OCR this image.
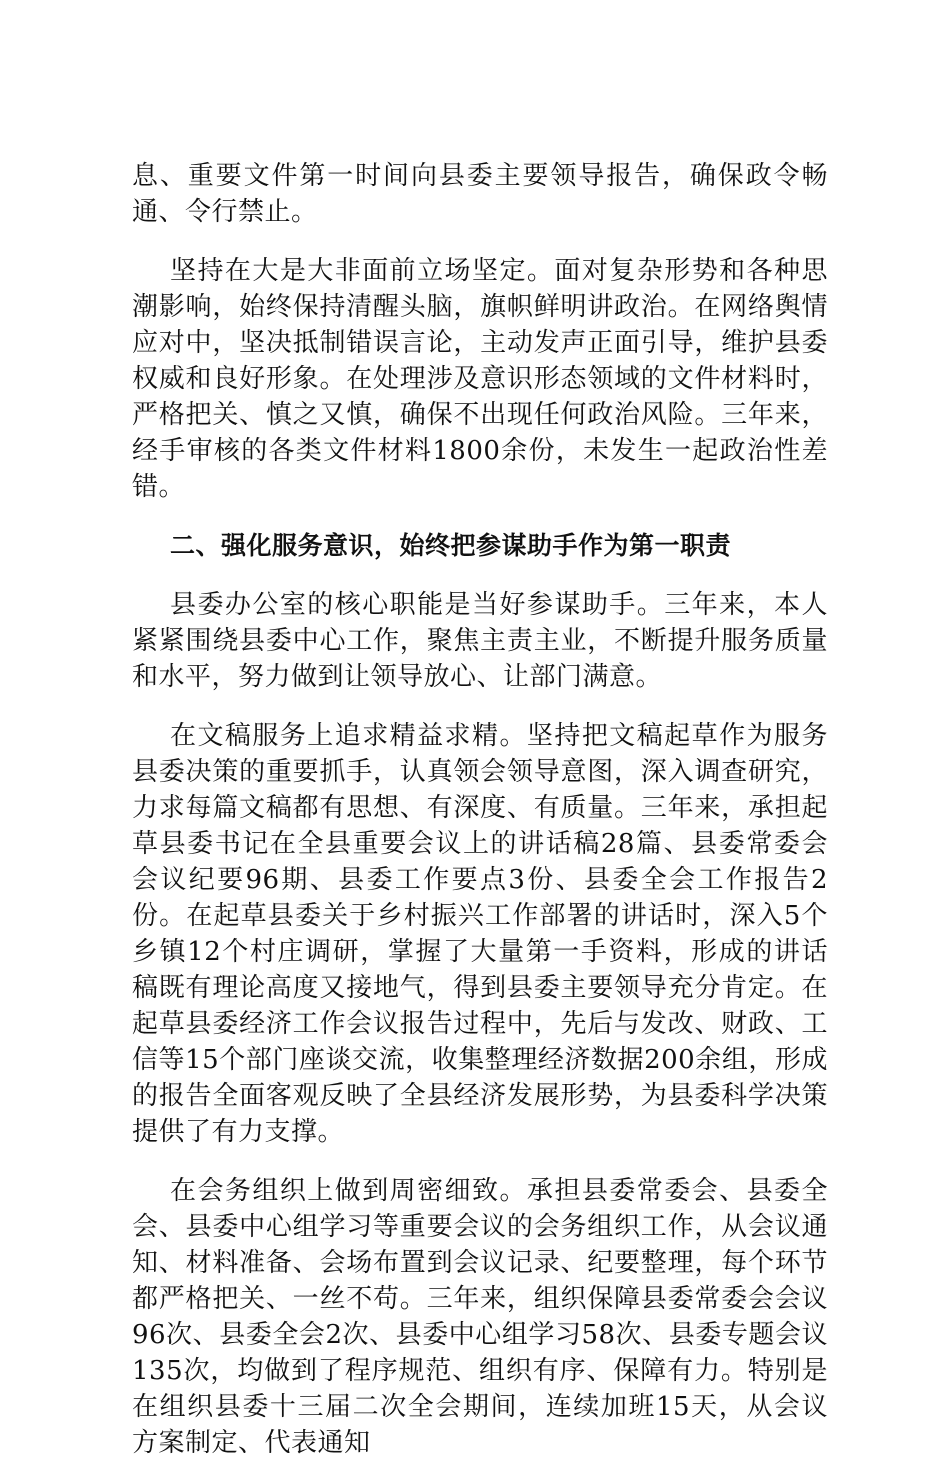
息、重要文件第一时间向县委主要领导报告，确保政令畅通、令行禁止。

坚持在大是大非面前立场坚定。面对复杂形势和各种思潮影响，始终保持清醒头脑，旗帜鲜明讲政治。在网络舆情应对中，坚决抵制错误言论，主动发声正面引导，维护县委权威和良好形象。在处理涉及意识形态领域的文件材料时，严格把关、慎之又慎，确保不出现任何政治风险。三年来，经手审核的各类文件材料1800余份，未发生一起政治性差错。

二、强化服务意识，始终把参谋助手作为第一职责

县委办公室的核心职能是当好参谋助手。三年来，本人紧紧围绕县委中心工作，聚焦主责主业，不断提升服务质量和水平，努力做到让领导放心、让部门满意。

在文稿服务上追求精益求精。坚持把文稿起草作为服务县委决策的重要抓手，认真领会领导意图，深入调查研究，力求每篇文稿都有思想、有深度、有质量。三年来，承担起草县委书记在全县重要会议上的讲话稿28篇、县委常委会会议纪要96期、县委工作要点3份、县委全会工作报告2份。在起草县委关于乡村振兴工作部署的讲话时，深入5个乡镇12个村庄调研，掌握了大量第一手资料，形成的讲话稿既有理论高度又接地气，得到县委主要领导充分肯定。在起草县委经济工作会议报告过程中，先后与发改、财政、工信等15个部门座谈交流，收集整理经济数据200余组，形成的报告全面客观反映了全县经济发展形势，为县委科学决策提供了有力支撑。

在会务组织上做到周密细致。承担县委常委会、县委全会、县委中心组学习等重要会议的会务组织工作，从会议通知、材料准备、会场布置到会议记录、纪要整理，每个环节都严格把关、一丝不苟。三年来，组织保障县委常委会会议96次、县委全会2次、县委中心组学习58次、县委专题会议135次，均做到了程序规范、组织有序、保障有力。特别是在组织县委十三届二次全会期间，连续加班15天，从会议方案制定、代表通知
